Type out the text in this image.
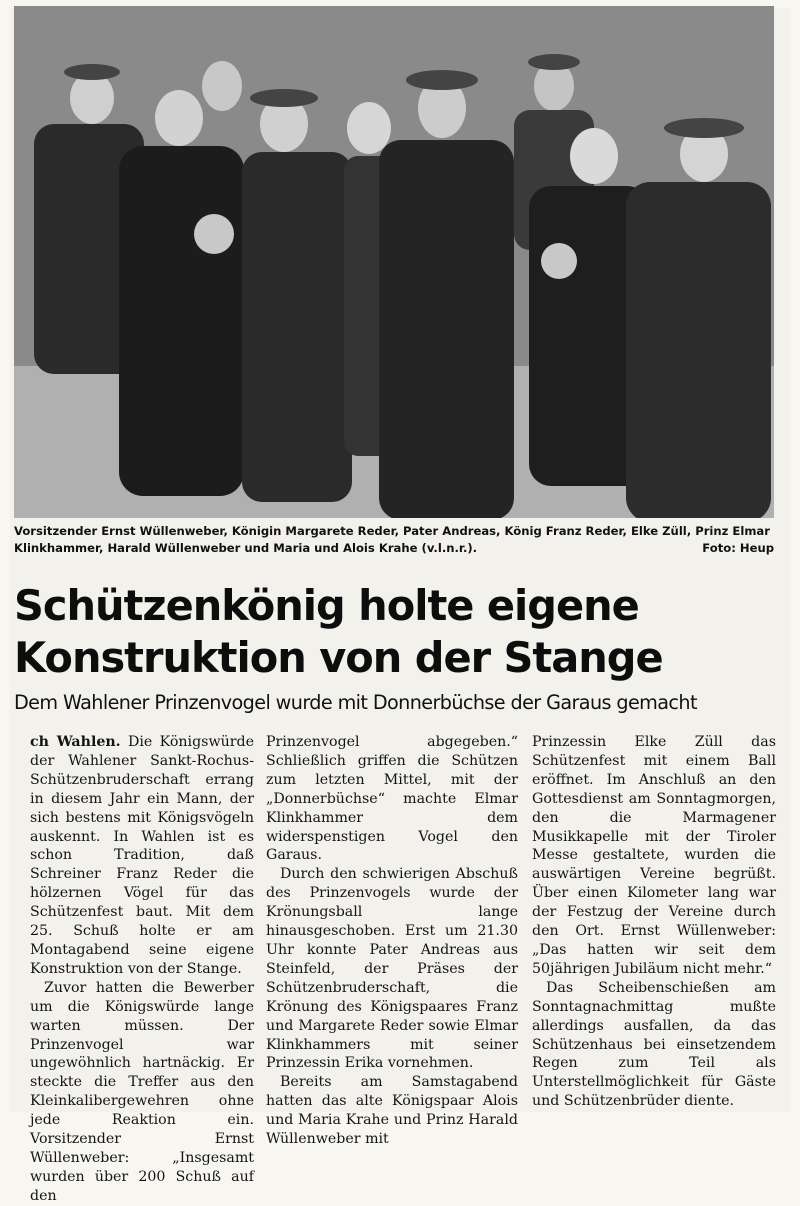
Vorsitzender Ernst Wüllenweber, Königin Margarete Reder, Pater Andreas, König Franz Reder, Elke Züll, Prinz Elmar Klinkhammer, Harald Wüllenweber und Maria und Alois Krahe (v.l.n.r.).	Foto: Heup
Schützenkönig holte eigene Konstruktion von der Stange
Dem Wahlener Prinzenvogel wurde mit Donnerbüchse der Garaus gemacht

ch Wahlen. Die Königswürde der Wahlener Sankt-Rochus-Schützenbruderschaft errang in diesem Jahr ein Mann, der sich bestens mit Königsvögeln auskennt. In Wahlen ist es schon Tradition, daß Schreiner Franz Reder die hölzernen Vögel für das Schützenfest baut. Mit dem 25. Schuß holte er am Montagabend seine eigene Konstruktion von der Stange.

Zuvor hatten die Bewerber um die Königswürde lange warten müssen. Der Prinzenvogel war ungewöhnlich hartnäckig. Er steckte die Treffer aus den Kleinkalibergewehren ohne jede Reaktion ein. Vorsitzender Ernst Wüllenweber: „Insgesamt wurden über 200 Schuß auf den

Prinzenvogel abgegeben.“ Schließlich griffen die Schützen zum letzten Mittel, mit der „Donnerbüchse“ machte Elmar Klinkhammer dem widerspenstigen Vogel den Garaus.

Durch den schwierigen Abschuß des Prinzenvogels wurde der Krönungsball lange hinausgeschoben. Erst um 21.30 Uhr konnte Pater Andreas aus Steinfeld, der Präses der Schützenbruderschaft, die Krönung des Königspaares Franz und Margarete Reder sowie Elmar Klinkhammers mit seiner Prinzessin Erika vornehmen.

Bereits am Samstagabend hatten das alte Königspaar Alois und Maria Krahe und Prinz Harald Wüllenweber mit

Prinzessin Elke Züll das Schützenfest mit einem Ball eröffnet. Im Anschluß an den Gottesdienst am Sonntagmorgen, den die Marmagener Musikkapelle mit der Tiroler Messe gestaltete, wurden die auswärtigen Vereine begrüßt. Über einen Kilometer lang war der Festzug der Vereine durch den Ort. Ernst Wüllenweber: „Das hatten wir seit dem 50jährigen Jubiläum nicht mehr.“

Das Scheibenschießen am Sonntagnachmittag mußte allerdings ausfallen, da das Schützenhaus bei einsetzendem Regen zum Teil als Unterstellmöglichkeit für Gäste und Schützenbrüder diente.
